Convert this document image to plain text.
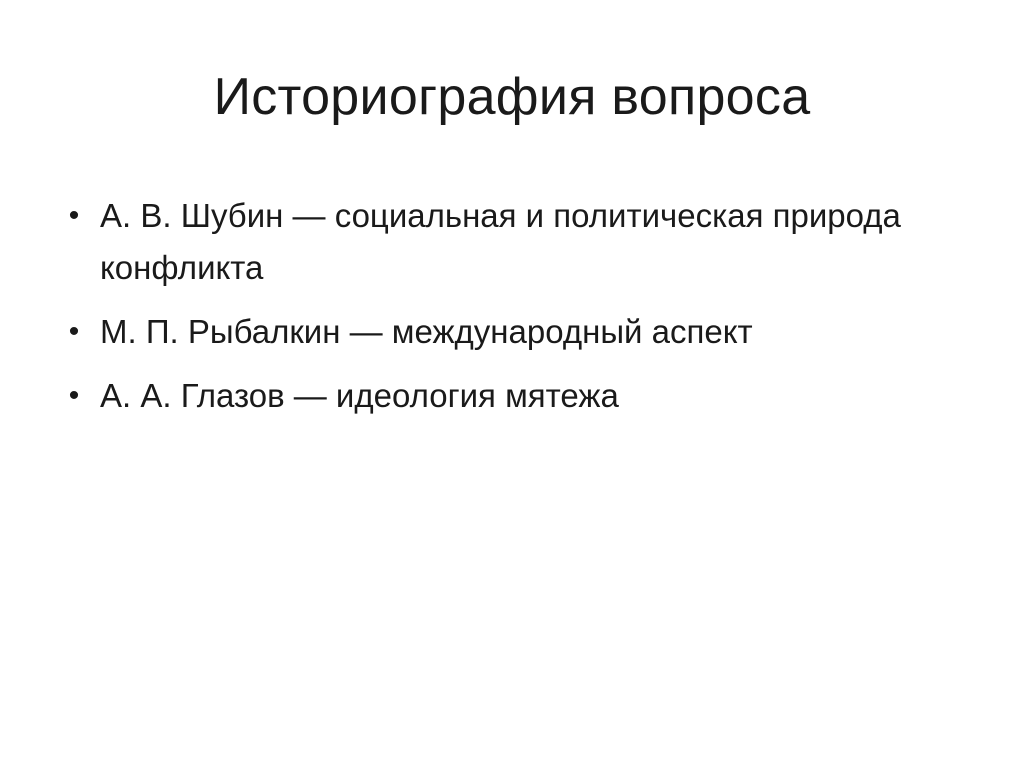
Историография вопроса
• А. В. Шубин — социальная и политическая природа конфликта
• М. П. Рыбалкин — международный аспект
• А. А. Глазов — идеология мятежа
